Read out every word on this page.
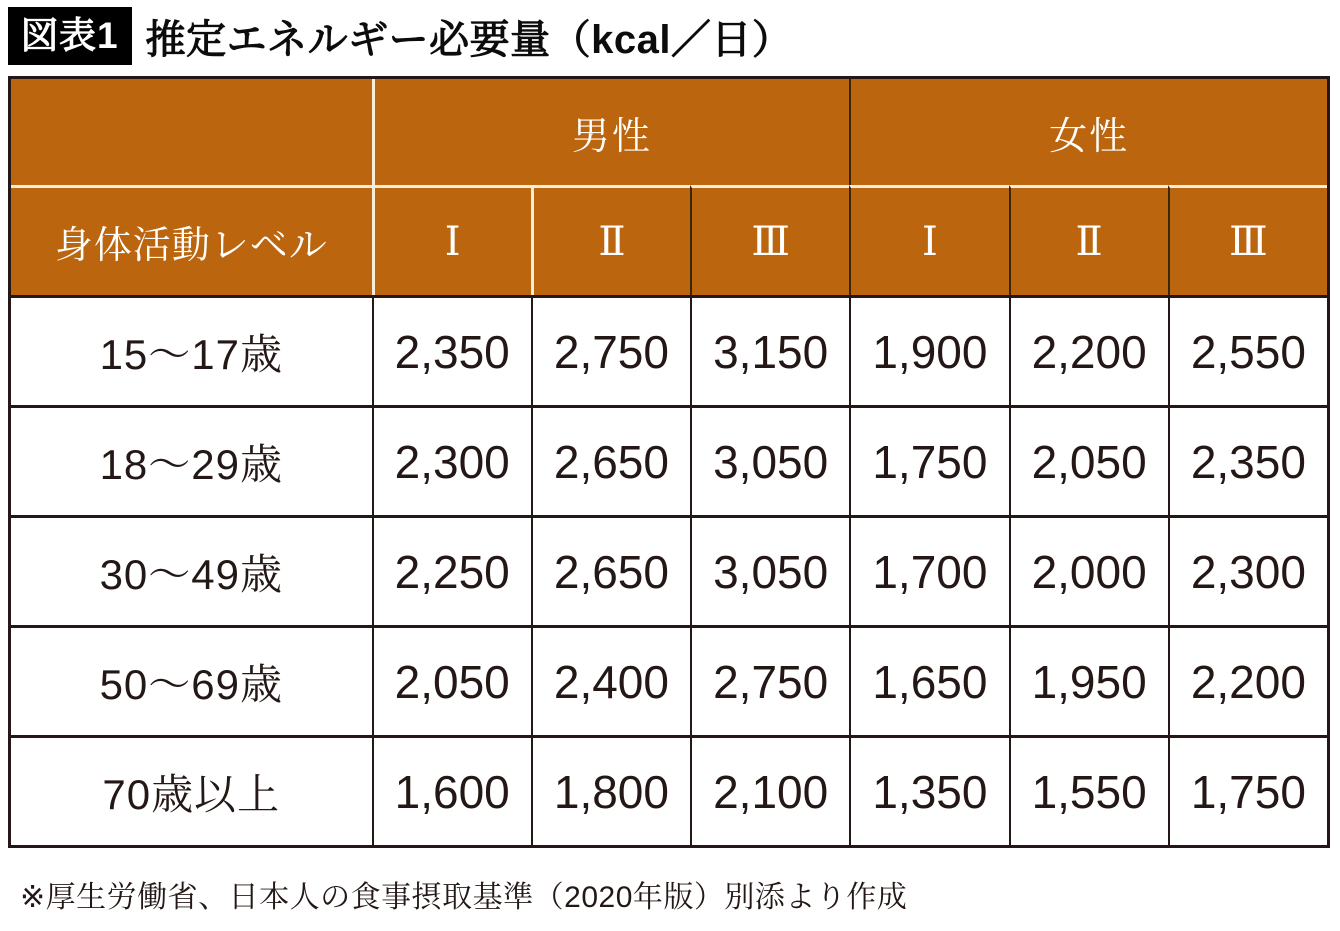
図表1 推定エネルギー必要量（kcal／日）
	男性			女性		
身体活動レベル	Ⅰ	Ⅱ	Ⅲ	Ⅰ	Ⅱ	Ⅲ
15～17歳	2,350	2,750	3,150	1,900	2,200	2,550
18～29歳	2,300	2,650	3,050	1,750	2,050	2,350
30～49歳	2,250	2,650	3,050	1,700	2,000	2,300
50～69歳	2,050	2,400	2,750	1,650	1,950	2,200
70歳以上	1,600	1,800	2,100	1,350	1,550	1,750
※厚生労働省、日本人の食事摂取基準（2020年版）別添より作成
